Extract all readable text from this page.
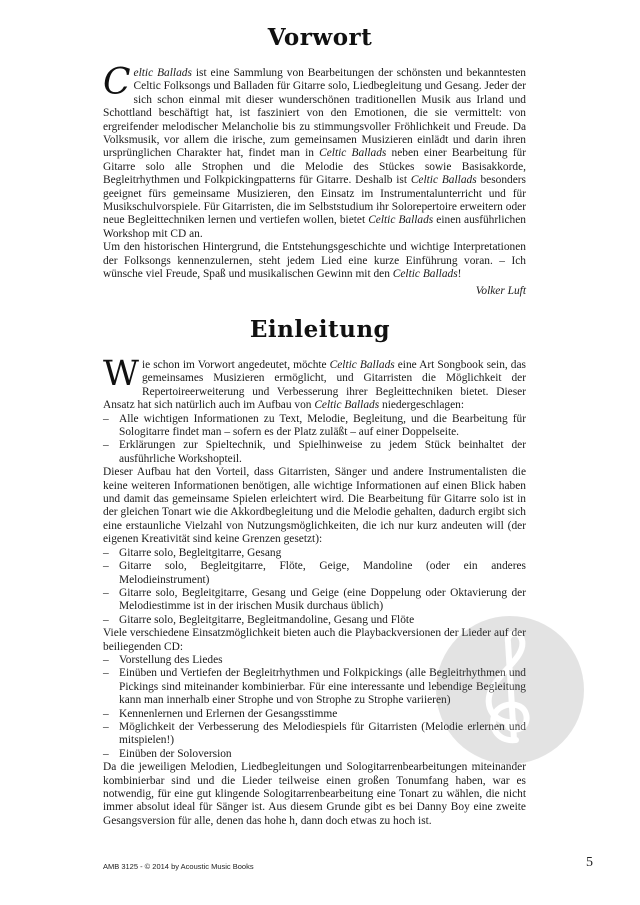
Vorwort

Celtic Ballads ist eine Sammlung von Bearbeitungen der schönsten und bekanntesten Celtic Folksongs und Balladen für Gitarre solo, Liedbegleitung und Gesang. Jeder der sich schon einmal mit dieser wunderschönen traditionellen Musik aus Irland und Schottland beschäftigt hat, ist fasziniert von den Emotionen, die sie vermittelt: von ergreifender melodischer Melancholie bis zu stimmungsvoller Fröhlichkeit und Freude. Da Volksmusik, vor allem die irische, zum gemeinsamen Musizieren einlädt und darin ihren ursprünglichen Charakter hat, findet man in Celtic Ballads neben einer Bearbeitung für Gitarre solo alle Strophen und die Melodie des Stückes sowie Basisakkorde, Begleitrhythmen und Folkpickingpatterns für Gitarre. Deshalb ist Celtic Ballads besonders geeignet fürs gemeinsame Musizieren, den Einsatz im Instrumentalunterricht und für Musikschulvorspiele. Für Gitarristen, die im Selbststudium ihr Solorepertoire erweitern oder neue Begleittechniken lernen und vertiefen wollen, bietet Celtic Ballads einen ausführlichen Workshop mit CD an.

Um den historischen Hintergrund, die Entstehungsgeschichte und wichtige Interpretationen der Folksongs kennenzulernen, steht jedem Lied eine kurze Einführung voran. – Ich wünsche viel Freude, Spaß und musikalischen Gewinn mit den Celtic Ballads!

Volker Luft
Einleitung

Wie schon im Vorwort angedeutet, möchte Celtic Ballads eine Art Songbook sein, das gemeinsames Musizieren ermöglicht, und Gitarristen die Möglichkeit der Repertoireerweiterung und Verbesserung ihrer Begleittechniken bietet. Dieser Ansatz hat sich natürlich auch im Aufbau von Celtic Ballads niedergeschlagen:

– Alle wichtigen Informationen zu Text, Melodie, Begleitung, und die Bearbeitung für Sologitarre findet man – sofern es der Platz zuläßt – auf einer Doppelseite.
– Erklärungen zur Spieltechnik, und Spielhinweise zu jedem Stück beinhaltet der ausführliche Workshopteil.

Dieser Aufbau hat den Vorteil, dass Gitarristen, Sänger und andere Instrumentalisten die keine weiteren Informationen benötigen, alle wichtige Informationen auf einen Blick haben und damit das gemeinsame Spielen erleichtert wird. Die Bearbeitung für Gitarre solo ist in der gleichen Tonart wie die Akkordbegleitung und die Melodie gehalten, dadurch ergibt sich eine erstaunliche Vielzahl von Nutzungsmöglichkeiten, die ich nur kurz andeuten will (der eigenen Kreativität sind keine Grenzen gesetzt):

– Gitarre solo, Begleitgitarre, Gesang
– Gitarre solo, Begleitgitarre, Flöte, Geige, Mandoline (oder ein anderes Melodieinstrument)
– Gitarre solo, Begleitgitarre, Gesang und Geige (eine Doppelung oder Oktavierung der Melodiestimme ist in der irischen Musik durchaus üblich)
– Gitarre solo, Begleitgitarre, Begleitmandoline, Gesang und Flöte

Viele verschiedene Einsatzmöglichkeit bieten auch die Playbackversionen der Lieder auf der beiliegenden CD:

– Vorstellung des Liedes
– Einüben und Vertiefen der Begleitrhythmen und Folkpickings (alle Begleitrhythmen und Pickings sind miteinander kombinierbar. Für eine interessante und lebendige Begleitung kann man innerhalb einer Strophe und von Strophe zu Strophe variieren)
– Kennenlernen und Erlernen der Gesangsstimme
– Möglichkeit der Verbesserung des Melodiespiels für Gitarristen (Melodie erlernen und mitspielen!)
– Einüben der Soloversion

Da die jeweiligen Melodien, Liedbegleitungen und Sologitarrenbearbeitungen miteinander kombinierbar sind und die Lieder teilweise einen großen Tonumfang haben, war es notwendig, für eine gut klingende Sologitarrenbearbeitung eine Tonart zu wählen, die nicht immer absolut ideal für Sänger ist. Aus diesem Grunde gibt es bei Danny Boy eine zweite Gesangsversion für alle, denen das hohe h, dann doch etwas zu hoch ist.

AMB 3125 - © 2014 by Acoustic Music Books	5
